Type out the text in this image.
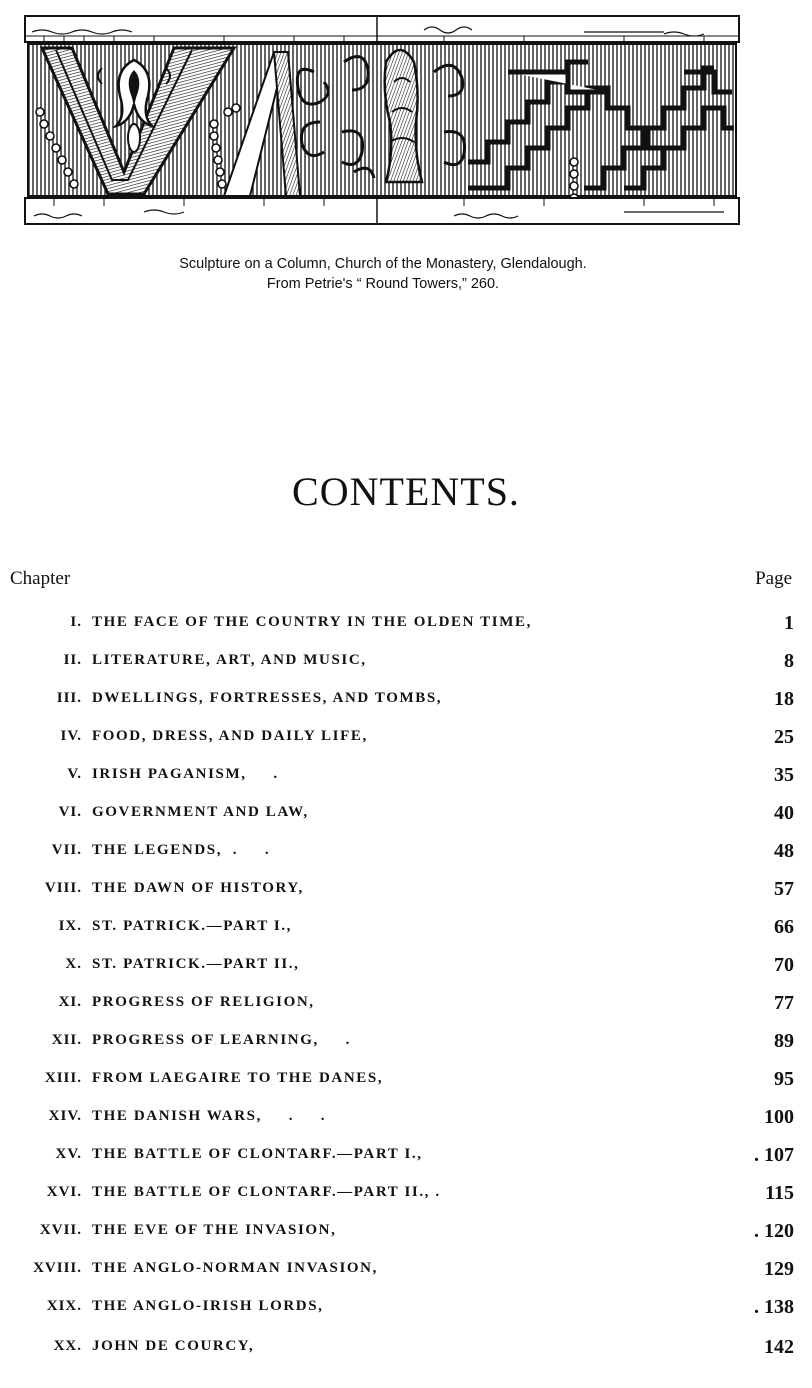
Sculpture on a Column, Church of the Monastery, Glendalough.
From Petrie's “ Round Towers,” 260.
CONTENTS.
Chapter	Page
I. THE FACE OF THE COUNTRY IN THE OLDEN TIME,	1
II. LITERATURE, ART, AND MUSIC,	8
III. DWELLINGS, FORTRESSES, AND TOMBS,	18
IV. FOOD, DRESS, AND DAILY LIFE,	25
V. IRISH PAGANISM,     .	35
VI. GOVERNMENT AND LAW,	40
VII. THE LEGENDS,  .     .	48
VIII. THE DAWN OF HISTORY,	57
IX. ST. PATRICK.—PART I.,	66
X. ST. PATRICK.—PART II.,	70
XI. PROGRESS OF RELIGION,	77
XII. PROGRESS OF LEARNING,     .	89
XIII. FROM LAEGAIRE TO THE DANES,	95
XIV. THE DANISH WARS,     .     .	100
XV. THE BATTLE OF CLONTARF.—PART I.,	. 107
XVI. THE BATTLE OF CLONTARF.—PART II., .	115
XVII. THE EVE OF THE INVASION,	. 120
XVIII. THE ANGLO-NORMAN INVASION,	129
XIX. THE ANGLO-IRISH LORDS,	. 138
XX. JOHN DE COURCY,	142
